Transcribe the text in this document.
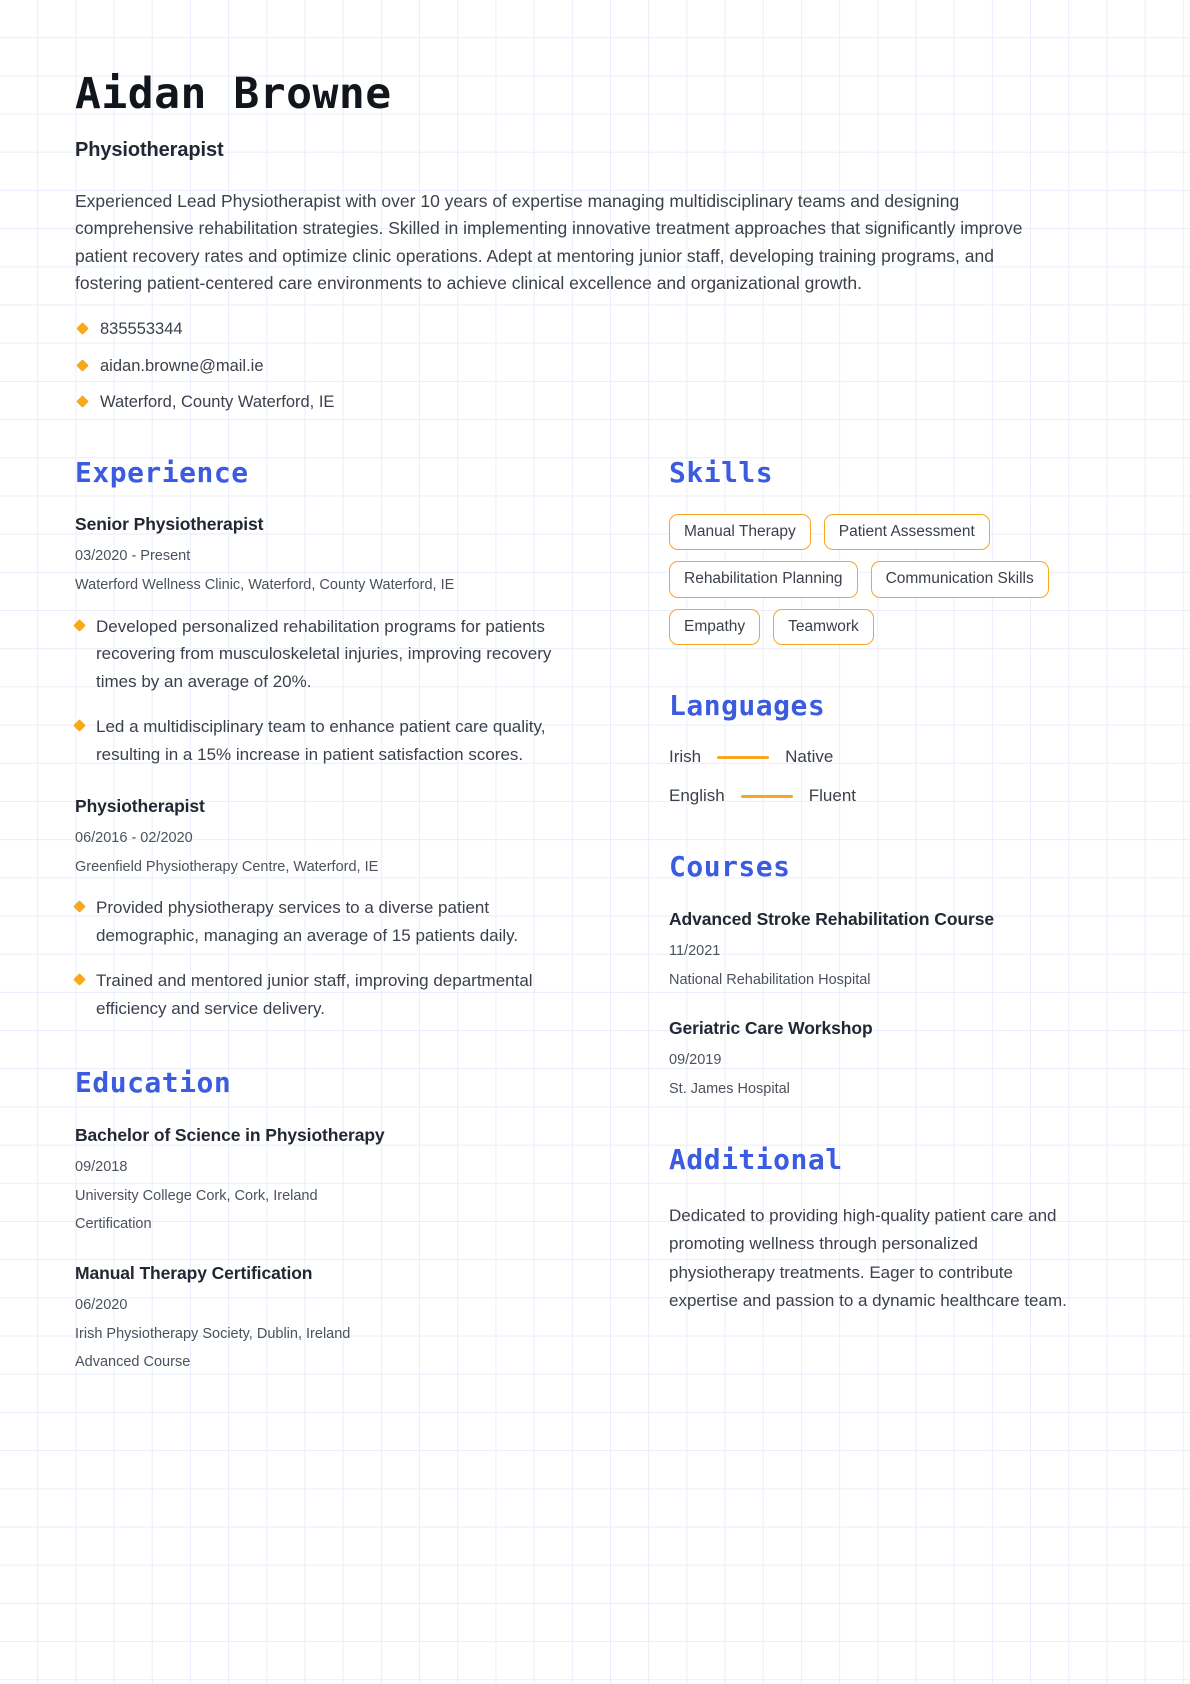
Aidan Browne
Physiotherapist

Experienced Lead Physiotherapist with over 10 years of expertise managing multidisciplinary teams and designing comprehensive rehabilitation strategies. Skilled in implementing innovative treatment approaches that significantly improve patient recovery rates and optimize clinic operations. Adept at mentoring junior staff, developing training programs, and fostering patient-centered care environments to achieve clinical excellence and organizational growth.

835553344
aidan.browne@mail.ie
Waterford, County Waterford, IE
Experience
Senior Physiotherapist
03/2020 - Present
Waterford Wellness Clinic, Waterford, County Waterford, IE
Developed personalized rehabilitation programs for patients recovering from musculoskeletal injuries, improving recovery times by an average of 20%.
Led a multidisciplinary team to enhance patient care quality, resulting in a 15% increase in patient satisfaction scores.
Physiotherapist
06/2016 - 02/2020
Greenfield Physiotherapy Centre, Waterford, IE
Provided physiotherapy services to a diverse patient demographic, managing an average of 15 patients daily.
Trained and mentored junior staff, improving departmental efficiency and service delivery.
Education
Bachelor of Science in Physiotherapy
09/2018
University College Cork, Cork, Ireland
Certification
Manual Therapy Certification
06/2020
Irish Physiotherapy Society, Dublin, Ireland
Advanced Course
Skills
Manual Therapy	Patient Assessment
Rehabilitation Planning	Communication Skills
Empathy	Teamwork
Languages
Irish	Native
English	Fluent
Courses
Advanced Stroke Rehabilitation Course
11/2021
National Rehabilitation Hospital
Geriatric Care Workshop
09/2019
St. James Hospital
Additional

Dedicated to providing high-quality patient care and promoting wellness through personalized physiotherapy treatments. Eager to contribute expertise and passion to a dynamic healthcare team.
